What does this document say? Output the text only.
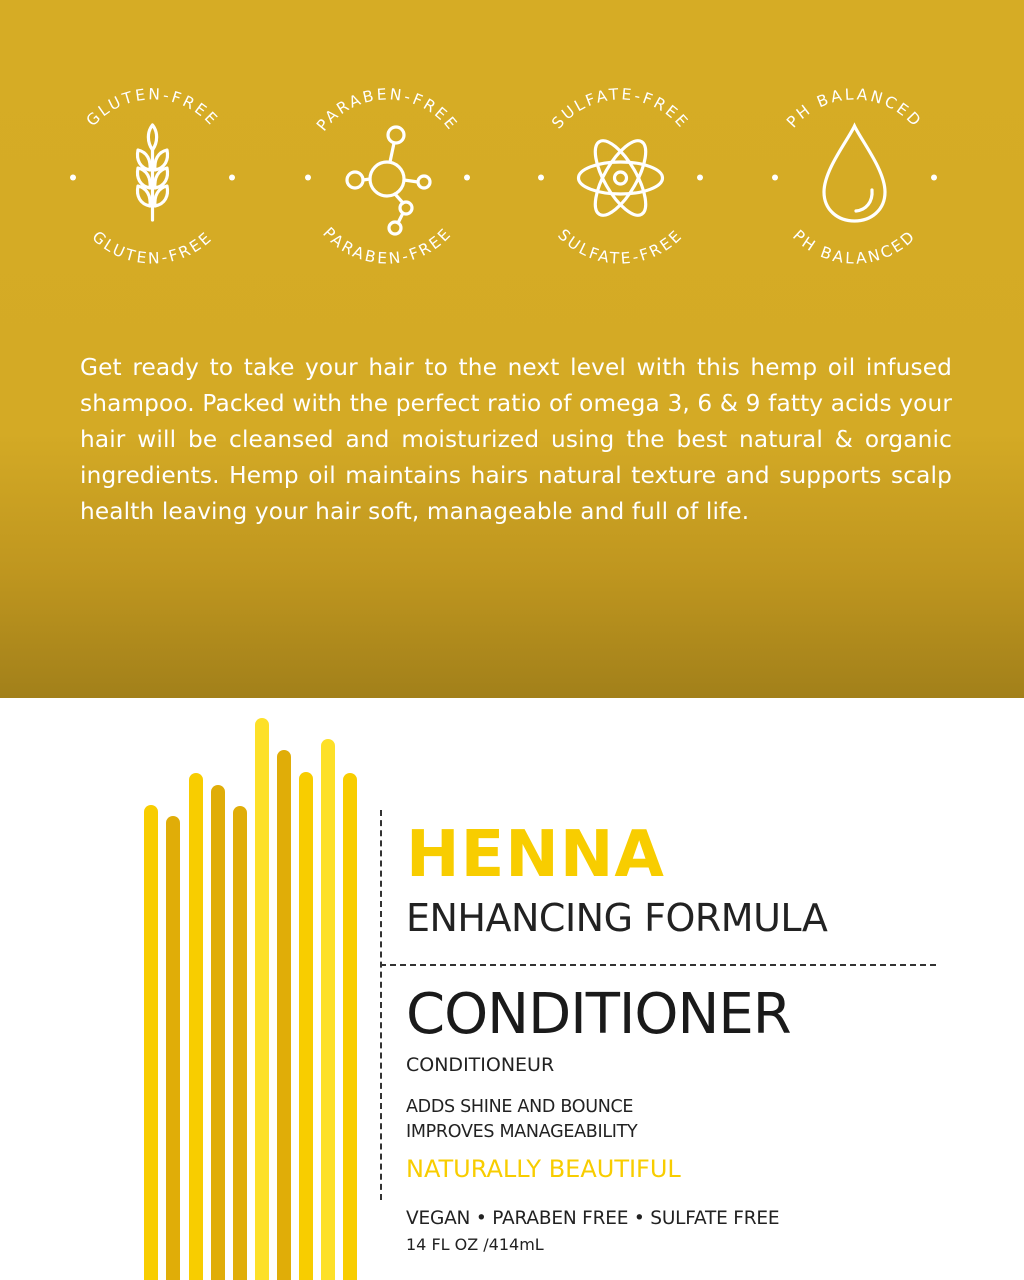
GLUTEN-FREE
GLUTEN-FREE
PARABEN-FREE
PARABEN-FREE
SULFATE-FREE
SULFATE-FREE
PH BALANCED
PH BALANCED

Get ready to take your hair to the next level with this hemp oil infused shampoo. Packed with the perfect ratio of omega 3, 6 & 9 fatty acids your hair will be cleansed and moisturized using the best natural & organic ingredients. Hemp oil maintains hairs natural texture and supports scalp health leaving your hair soft, manageable and full of life.

HENNA
ENHANCING FORMULA
CONDITIONER
CONDITIONEUR
ADDS SHINE AND BOUNCE
IMPROVES MANAGEABILITY
NATURALLY BEAUTIFUL
VEGAN • PARABEN FREE • SULFATE FREE
14 FL OZ /414mL
